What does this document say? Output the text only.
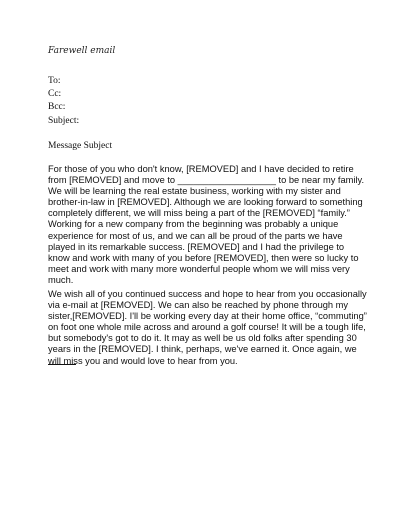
Farewell email
To:
Cc:
Bcc:
Subject:
Message Subject
For those of you who don't know, [REMOVED] and I have decided to retire
from [REMOVED] and move to ___________________ to be near my family.
We will be learning the real estate business, working with my sister and
brother-in-law in [REMOVED]. Although we are looking forward to something
completely different, we will miss being a part of the [REMOVED] “family.”
Working for a new company from the beginning was probably a unique
experience for most of us, and we can all be proud of the parts we have
played in its remarkable success. [REMOVED] and I had the privilege to
know and work with many of you before [REMOVED], then were so lucky to
meet and work with many more wonderful people whom we will miss very
much.
We wish all of you continued success and hope to hear from you occasionally
via e-mail at [REMOVED]. We can also be reached by phone through my
sister,[REMOVED]. I'll be working every day at their home office, “commuting”
on foot one whole mile across and around a golf course! It will be a tough life,
but somebody's got to do it. It may as well be us old folks after spending 30
years in the [REMOVED]. I think, perhaps, we've earned it. Once again, we
will miss you and would love to hear from you.
